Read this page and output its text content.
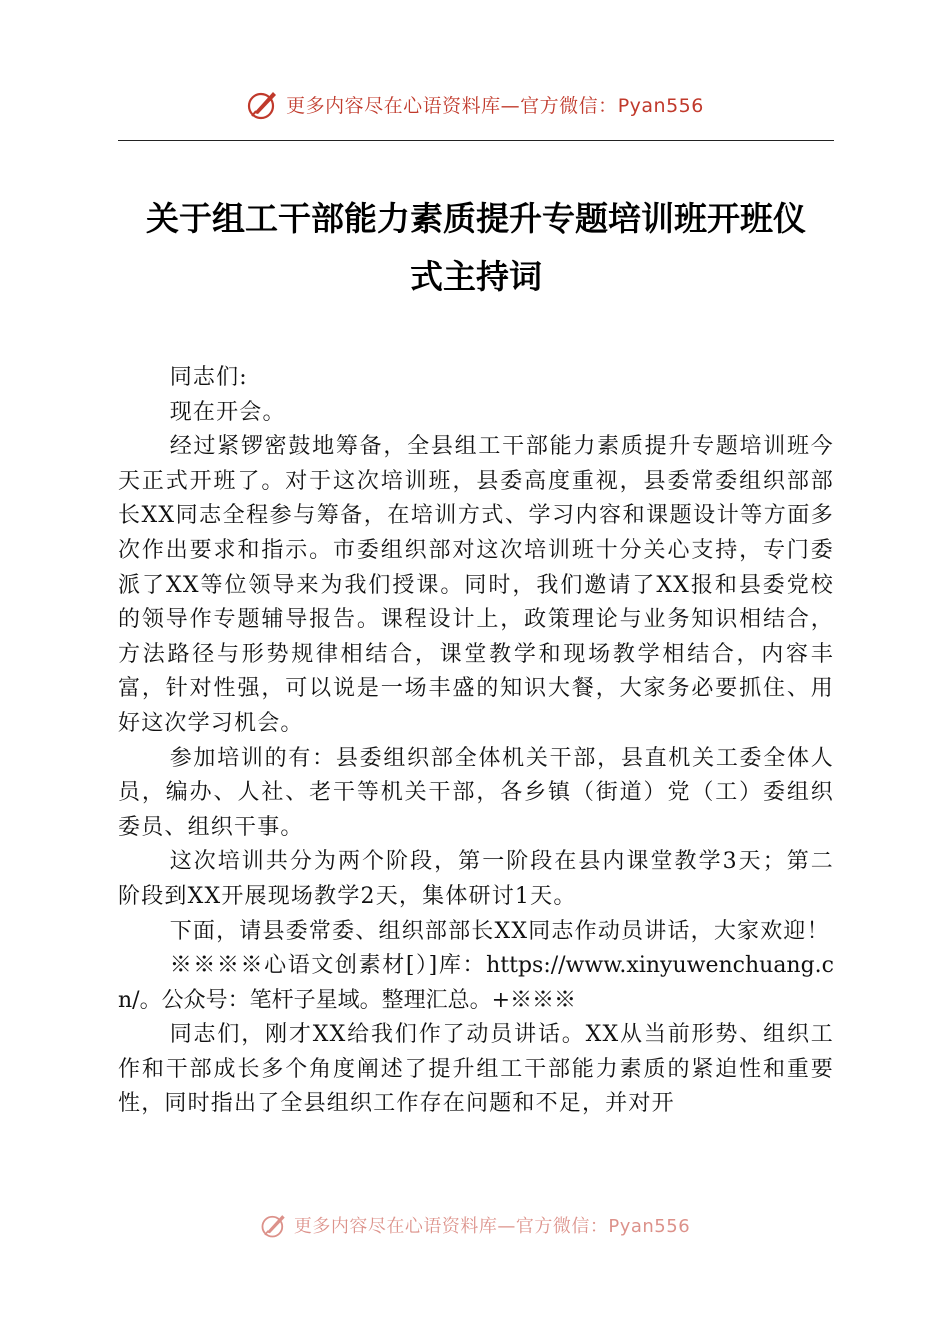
更多内容尽在心语资料库—官方微信：Pyan556
关于组工干部能力素质提升专题培训班开班仪
式主持词

同志们:

现在开会。

经过紧锣密鼓地筹备，全县组工干部能力素质提升专题培训班今天正式开班了。对于这次培训班，县委高度重视，县委常委组织部部长XX同志全程参与筹备，在培训方式、学习内容和课题设计等方面多次作出要求和指示。市委组织部对这次培训班十分关心支持，专门委派了XX等位领导来为我们授课。同时，我们邀请了XX报和县委党校的领导作专题辅导报告。课程设计上，政策理论与业务知识相结合，方法路径与形势规律相结合，课堂教学和现场教学相结合，内容丰富，针对性强，可以说是一场丰盛的知识大餐，大家务必要抓住、用好这次学习机会。

参加培训的有：县委组织部全体机关干部，县直机关工委全体人员，编办、人社、老干等机关干部，各乡镇（街道）党（工）委组织委员、组织干事。

这次培训共分为两个阶段，第一阶段在县内课堂教学3天；第二阶段到XX开展现场教学2天，集体研讨1天。

下面，请县委常委、组织部部长XX同志作动员讲话，大家欢迎！

※※※※心语文创素材[）]库：https://www.xinyuwenchuang.cn/。公众号：笔杆子星域。整理汇总。+※※※

同志们，刚才XX给我们作了动员讲话。XX从当前形势、组织工作和干部成长多个角度阐述了提升组工干部能力素质的紧迫性和重要性，同时指出了全县组织工作存在问题和不足，并对开

更多内容尽在心语资料库—官方微信：Pyan556
